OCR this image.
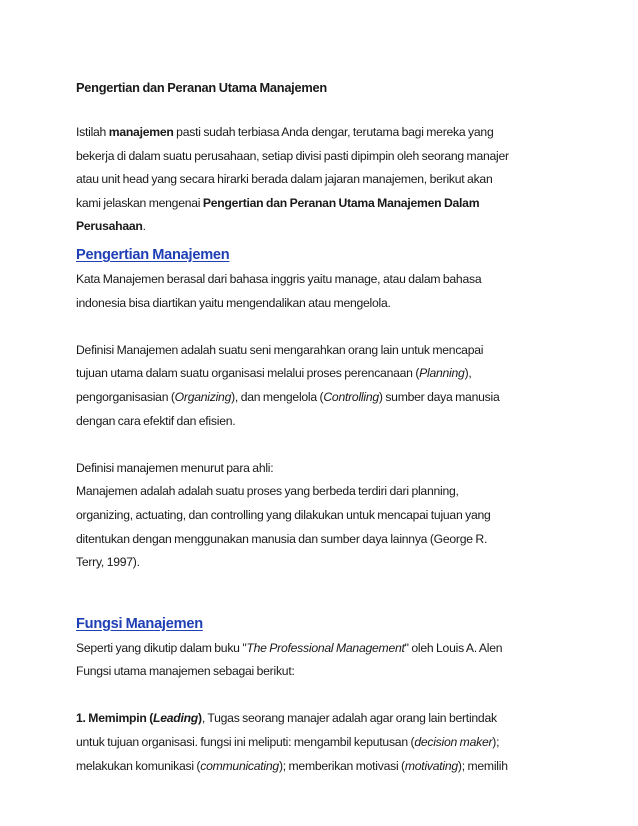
Pengertian dan Peranan Utama Manajemen
Istilah manajemen pasti sudah terbiasa Anda dengar, terutama bagi mereka yang
bekerja di dalam suatu perusahaan, setiap divisi pasti dipimpin oleh seorang manajer
atau unit head yang secara hirarki berada dalam jajaran manajemen, berikut akan
kami jelaskan mengenai Pengertian dan Peranan Utama Manajemen Dalam
Perusahaan.
Pengertian Manajemen
Kata Manajemen berasal dari bahasa inggris yaitu manage, atau dalam bahasa
indonesia bisa diartikan yaitu mengendalikan atau mengelola.
Definisi Manajemen adalah suatu seni mengarahkan orang lain untuk mencapai
tujuan utama dalam suatu organisasi melalui proses perencanaan (Planning),
pengorganisasian (Organizing), dan mengelola (Controlling) sumber daya manusia
dengan cara efektif dan efisien.
Definisi manajemen menurut para ahli:
Manajemen adalah adalah suatu proses yang berbeda terdiri dari planning,
organizing, actuating, dan controlling yang dilakukan untuk mencapai tujuan yang
ditentukan dengan menggunakan manusia dan sumber daya lainnya (George R.
Terry, 1997).
Fungsi Manajemen
Seperti yang dikutip dalam buku "The Professional Management" oleh Louis A. Alen
Fungsi utama manajemen sebagai berikut:
1. Memimpin (Leading), Tugas seorang manajer adalah agar orang lain bertindak
untuk tujuan organisasi. fungsi ini meliputi: mengambil keputusan (decision maker);
melakukan komunikasi (communicating); memberikan motivasi (motivating); memilih
